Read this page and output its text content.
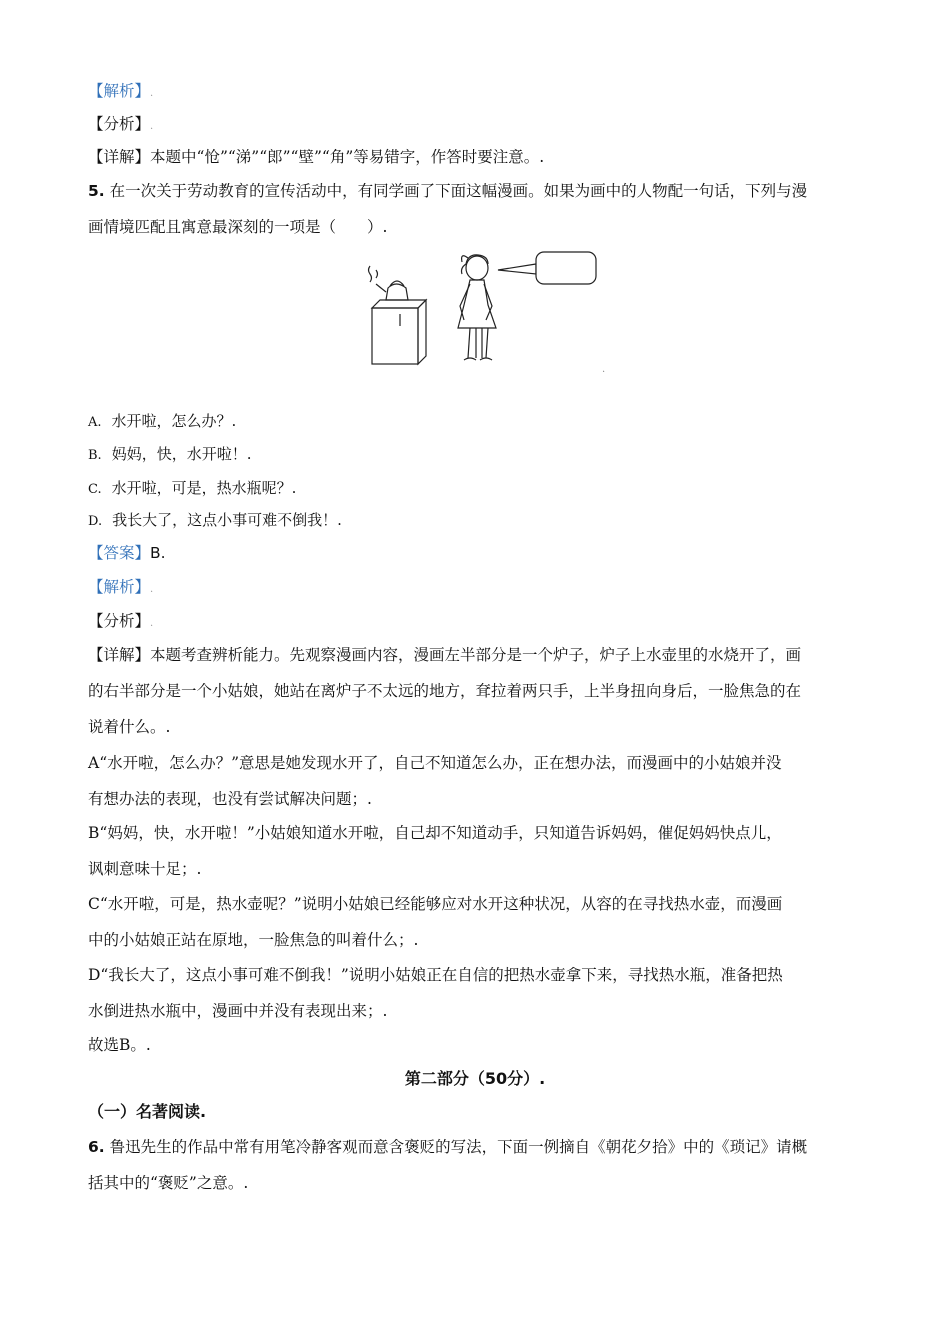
【解析】.
【分析】.
【详解】本题中“怆”“涕”“郎”“壁”“角”等易错字，作答时要注意。.
5. 在一次关于劳动教育的宣传活动中，有同学画了下面这幅漫画。如果为画中的人物配一句话，下列与漫
画情境匹配且寓意最深刻的一项是（　　）.
.
A. 水开啦，怎么办？.
B. 妈妈，快，水开啦！.
C. 水开啦，可是，热水瓶呢？.
D. 我长大了，这点小事可难不倒我！.
【答案】B.
【解析】.
【分析】.
【详解】本题考查辨析能力。先观察漫画内容，漫画左半部分是一个炉子，炉子上水壶里的水烧开了，画
的右半部分是一个小姑娘，她站在离炉子不太远的地方，耷拉着两只手，上半身扭向身后，一脸焦急的在
说着什么。.
A“水开啦，怎么办？”意思是她发现水开了，自己不知道怎么办，正在想办法，而漫画中的小姑娘并没
有想办法的表现，也没有尝试解决问题；.
B“妈妈，快，水开啦！”小姑娘知道水开啦，自己却不知道动手，只知道告诉妈妈，催促妈妈快点儿，
讽刺意味十足；.
C“水开啦，可是，热水壶呢？”说明小姑娘已经能够应对水开这种状况，从容的在寻找热水壶，而漫画
中的小姑娘正站在原地，一脸焦急的叫着什么；.
D“我长大了，这点小事可难不倒我！”说明小姑娘正在自信的把热水壶拿下来，寻找热水瓶，准备把热
水倒进热水瓶中，漫画中并没有表现出来；.
故选B。.
第二部分（50分）.
（一）名著阅读.
6. 鲁迅先生的作品中常有用笔冷静客观而意含褒贬的写法，下面一例摘自《朝花夕拾》中的《琐记》请概
括其中的“褒贬”之意。.
